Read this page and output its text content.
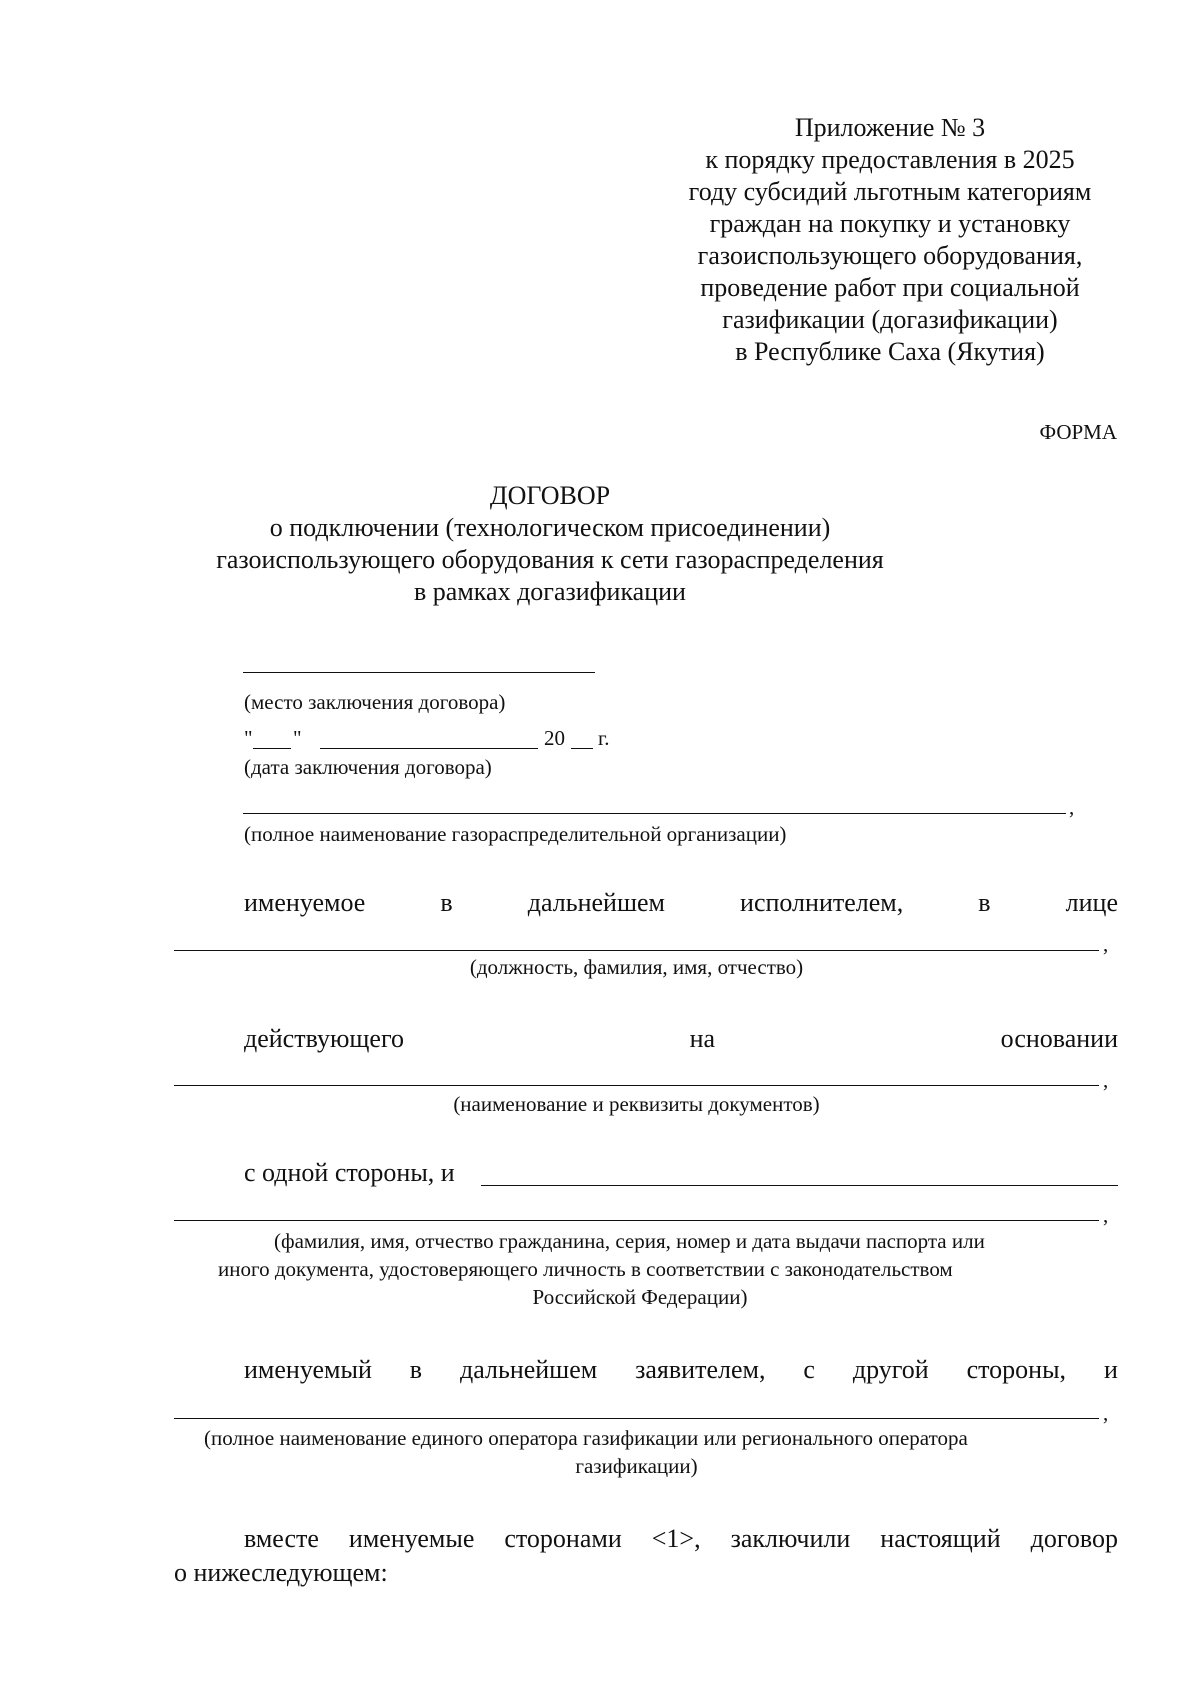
Приложение № 3
к порядку предоставления в 2025
году субсидий льготным категориям
граждан на покупку и установку
газоиспользующего оборудования,
проведение работ при социальной
газификации (догазификации)
в Республике Саха (Якутия)
ФОРМА
ДОГОВОР
о подключении (технологическом присоединении)
газоиспользующего оборудования к сети газораспределения
в рамках догазификации
(место заключения договора)
" "	20 г.
(дата заключения договора)
,
(полное наименование газораспределительной организации)
именуемое	в	дальнейшем	исполнителем,	в	лице
,
(должность, фамилия, имя, отчество)
действующего	на	основании
,
(наименование и реквизиты документов)
с одной стороны, и
,
(фамилия, имя, отчество гражданина, серия, номер и дата выдачи паспорта или
иного документа, удостоверяющего личность в соответствии с законодательством
Российской Федерации)
именуемый в дальнейшем заявителем, с другой стороны, и
,
(полное наименование единого оператора газификации или регионального оператора
газификации)
вместе именуемые сторонами <1>, заключили настоящий договор
о нижеследующем:
